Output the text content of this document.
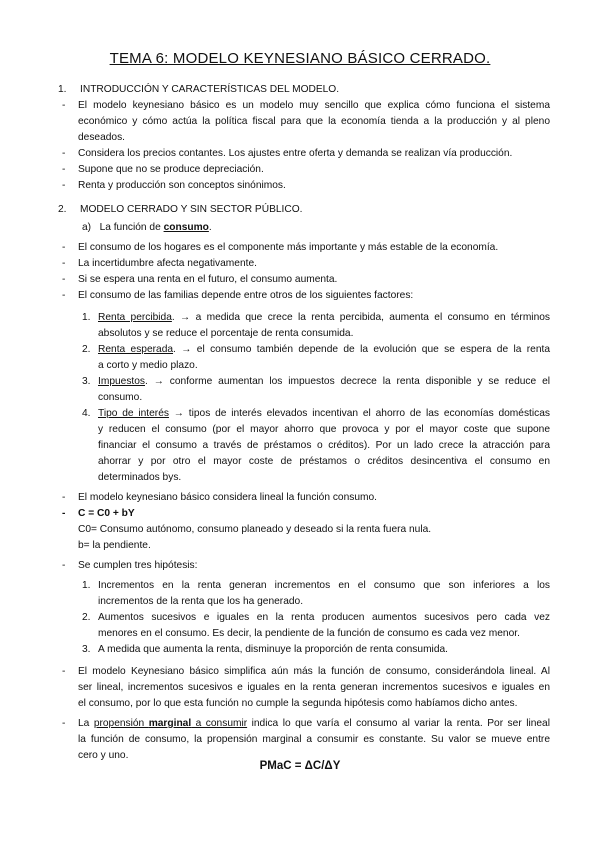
TEMA 6: MODELO KEYNESIANO BÁSICO CERRADO.
1. INTRODUCCIÓN Y CARACTERÍSTICAS DEL MODELO.
- El modelo keynesiano básico es un modelo muy sencillo que explica cómo funciona el sistema
económico y cómo actúa la política fiscal para que la economía tienda a la producción y al pleno
deseados.
- Considera los precios contantes. Los ajustes entre oferta y demanda se realizan vía producción.
- Supone que no se produce depreciación.
- Renta y producción son conceptos sinónimos.
2. MODELO CERRADO Y SIN SECTOR PÚBLICO.
a) La función de consumo.
- El consumo de los hogares es el componente más importante y más estable de la economía.
- La incertidumbre afecta negativamente.
- Si se espera una renta en el futuro, el consumo aumenta.
- El consumo de las familias depende entre otros de los siguientes factores:
1. Renta percibida. → a medida que crece la renta percibida, aumenta el consumo en términos
absolutos y se reduce el porcentaje de renta consumida.
2. Renta esperada. → el consumo también depende de la evolución que se espera de la renta
a corto y medio plazo.
3. Impuestos. → conforme aumentan los impuestos decrece la renta disponible y se reduce el
consumo.
4. Tipo de interés → tipos de interés elevados incentivan el ahorro de las economías domésticas
y reducen el consumo (por el mayor ahorro que provoca y por el mayor coste que supone
financiar el consumo a través de préstamos o créditos). Por un lado crece la atracción para
ahorrar y por otro el mayor coste de préstamos o créditos desincentiva el consumo en
determinados bys.
- El modelo keynesiano básico considera lineal la función consumo.
- C = C0 + bY
C0= Consumo autónomo, consumo planeado y deseado si la renta fuera nula.
b= la pendiente.
- Se cumplen tres hipótesis:
1. Incrementos en la renta generan incrementos en el consumo que son inferiores a los
incrementos de la renta que los ha generado.
2. Aumentos sucesivos e iguales en la renta producen aumentos sucesivos pero cada vez
menores en el consumo. Es decir, la pendiente de la función de consumo es cada vez menor.
3. A medida que aumenta la renta, disminuye la proporción de renta consumida.
- El modelo Keynesiano básico simplifica aún más la función de consumo, considerándola lineal. Al
ser lineal, incrementos sucesivos e iguales en la renta generan incrementos sucesivos e iguales en
el consumo, por lo que esta función no cumple la segunda hipótesis como habíamos dicho antes.
- La propensión marginal a consumir indica lo que varía el consumo al variar la renta. Por ser lineal
la función de consumo, la propensión marginal a consumir es constante. Su valor se mueve entre
cero y uno.
PMaC = ΔC/ΔY
